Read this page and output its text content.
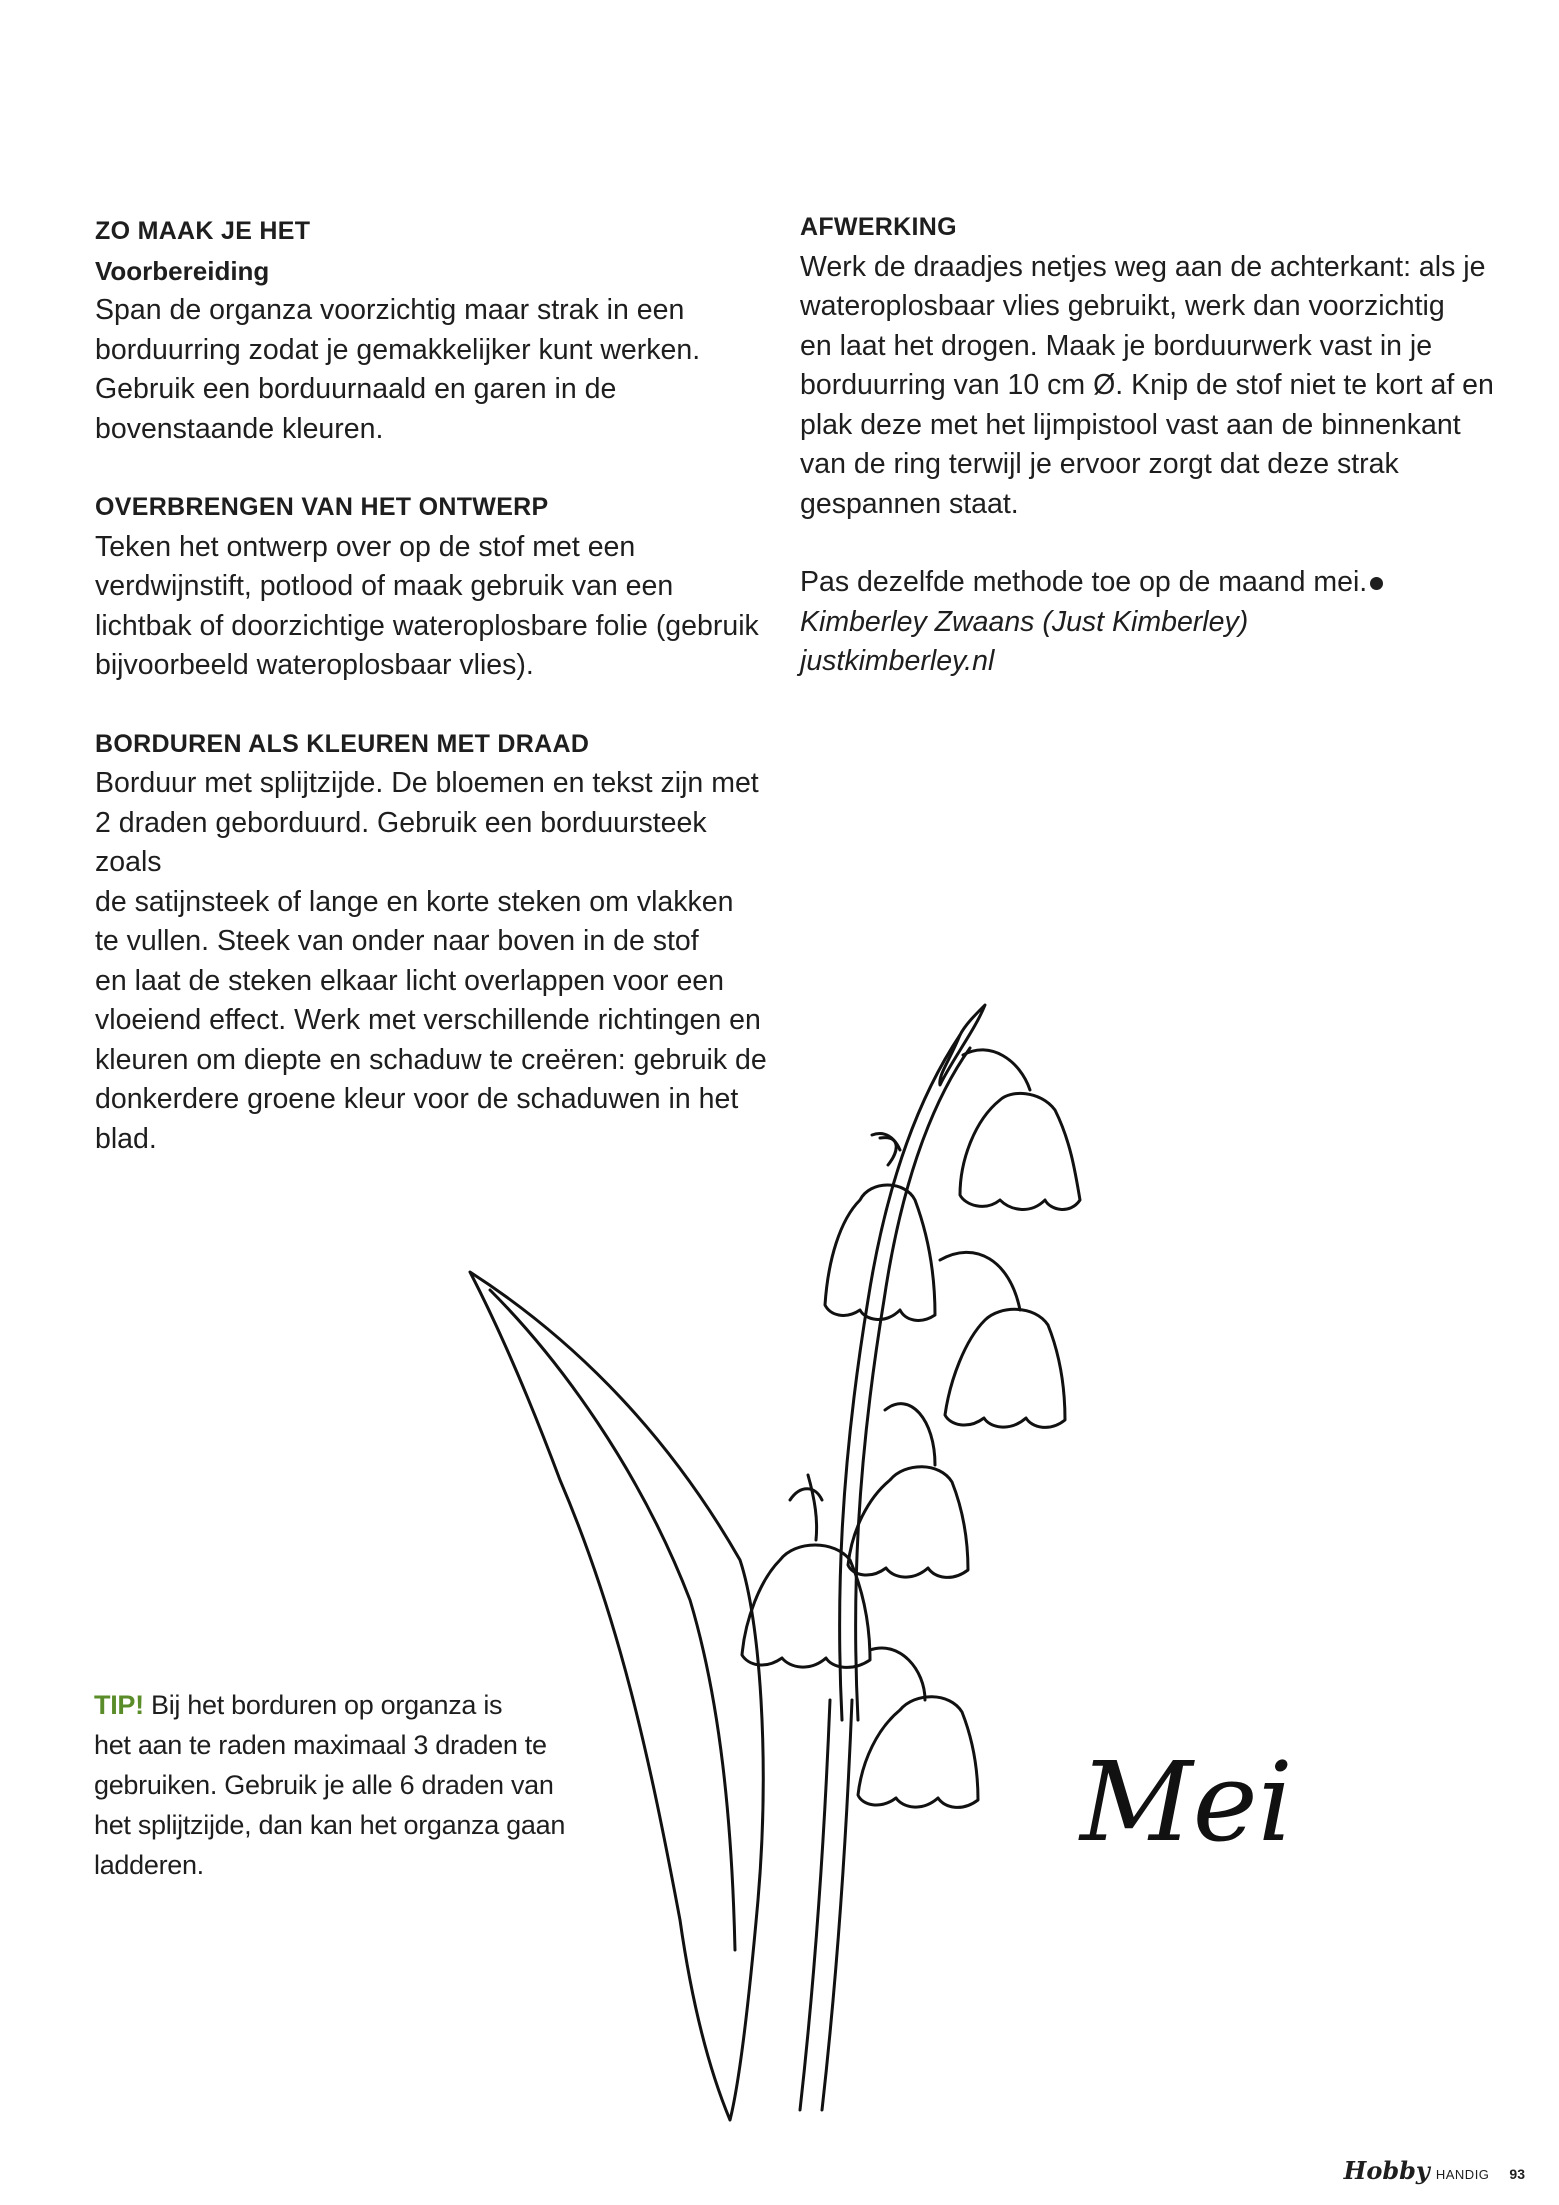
ZO MAAK JE HET

Voorbereiding

Span de organza voorzichtig maar strak in een

borduurring zodat je gemakkelijker kunt werken.

Gebruik een borduurnaald en garen in de

bovenstaande kleuren.

OVERBRENGEN VAN HET ONTWERP

Teken het ontwerp over op de stof met een

verdwijnstift, potlood of maak gebruik van een

lichtbak of doorzichtige wateroplosbare folie (gebruik

bijvoorbeeld wateroplosbaar vlies).

BORDUREN ALS KLEUREN MET DRAAD

Borduur met splijtzijde. De bloemen en tekst zijn met

2 draden geborduurd. Gebruik een borduursteek zoals

de satijnsteek of lange en korte steken om vlakken

te vullen. Steek van onder naar boven in de stof

en laat de steken elkaar licht overlappen voor een

vloeiend effect. Werk met verschillende richtingen en

kleuren om diepte en schaduw te creëren: gebruik de

donkerdere groene kleur voor de schaduwen in het

blad.

AFWERKING

Werk de draadjes netjes weg aan de achterkant: als je

wateroplosbaar vlies gebruikt, werk dan voorzichtig

en laat het drogen. Maak je borduurwerk vast in je

borduurring van 10 cm Ø. Knip de stof niet te kort af en

plak deze met het lijmpistool vast aan de binnenkant

van de ring terwijl je ervoor zorgt dat deze strak

gespannen staat.

Pas dezelfde methode toe op de maand mei.

Kimberley Zwaans (Just Kimberley)

justkimberley.nl

TIP! Bij het borduren op organza is
het aan te raden maximaal 3 draden te
gebruiken. Gebruik je alle 6 draden van
het splijtzijde, dan kan het organza gaan
ladderen.	Mei
Hobby HANDIG 93
